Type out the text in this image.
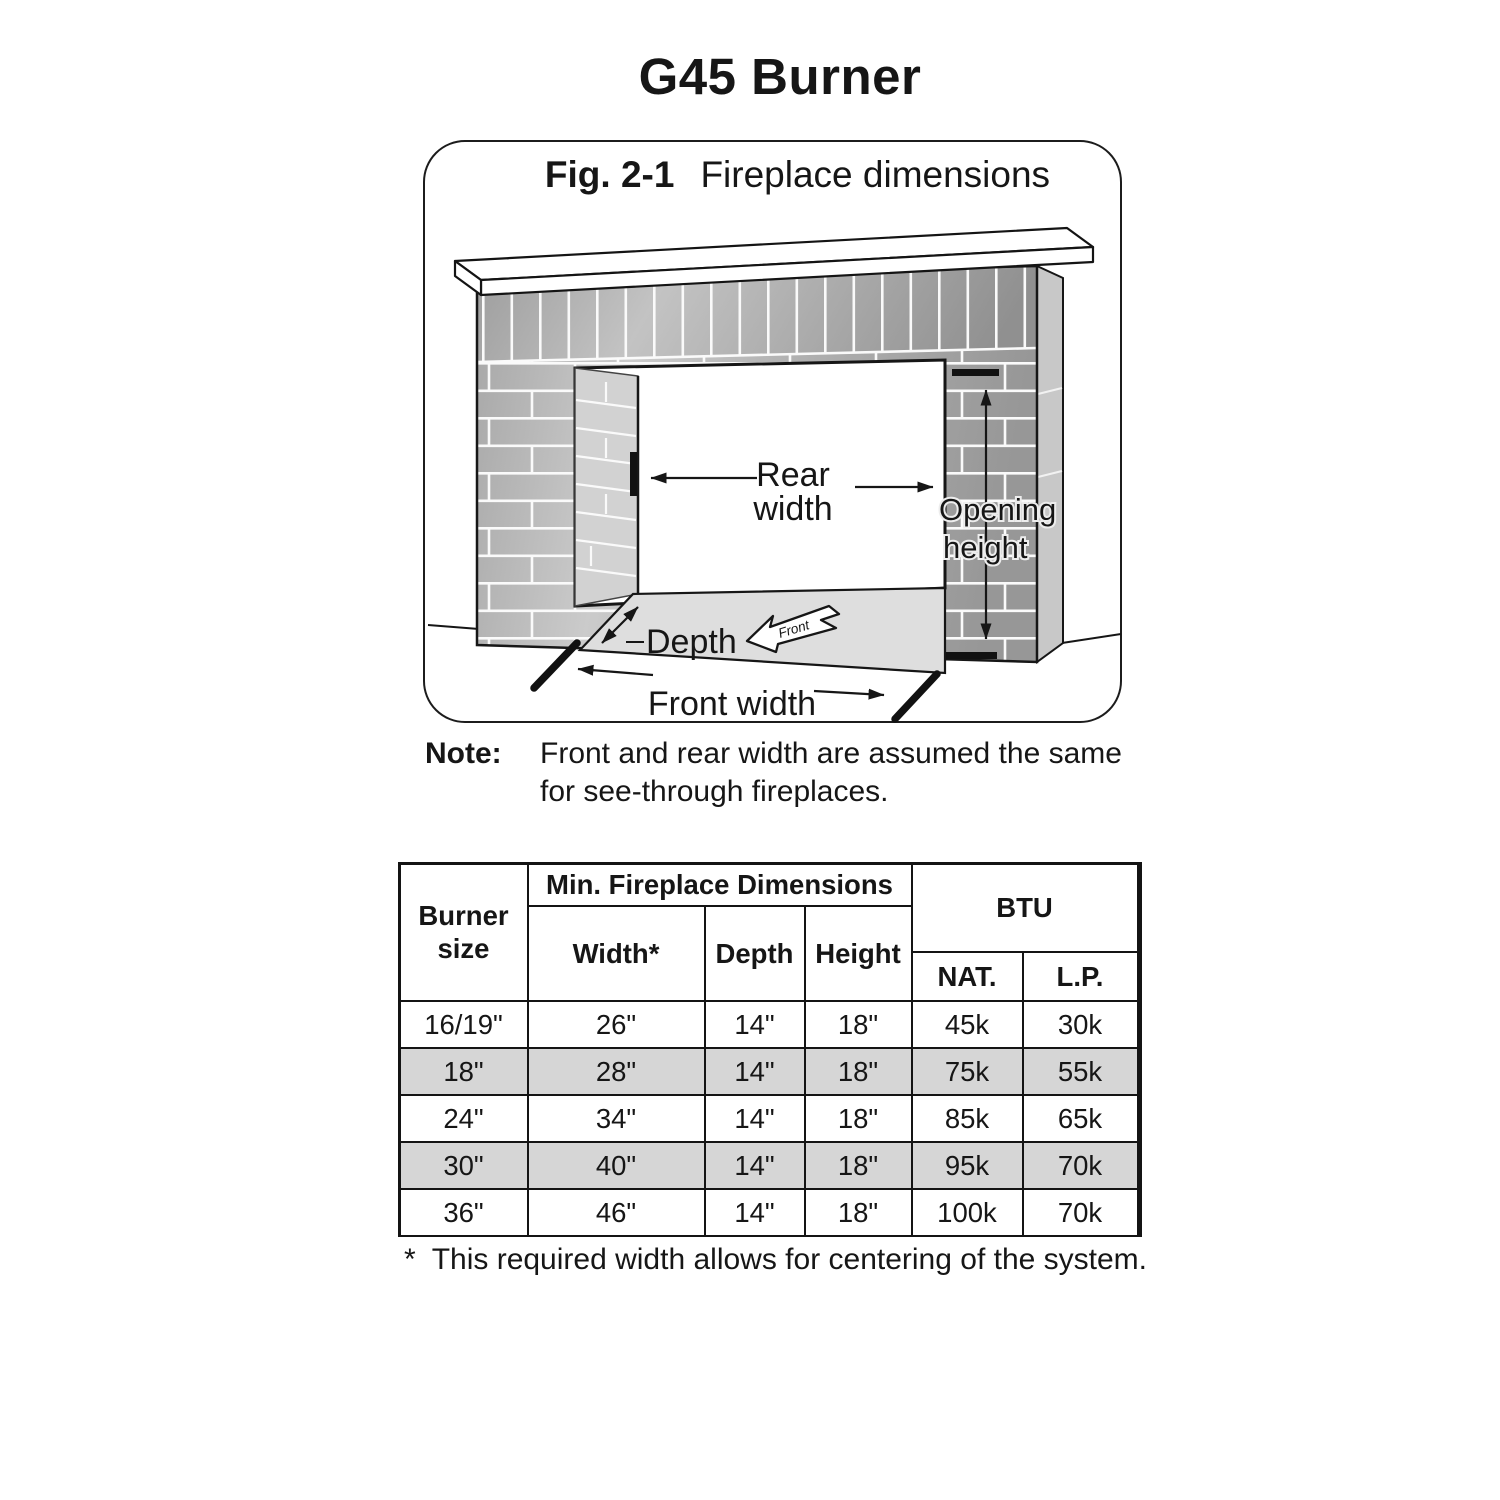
G45 Burner
Rear
width	Opening
height
Depth	Front
Front width
Fig. 2-1 Fireplace dimensions
Note:	Front and rear width are assumed the same
for see-through fireplaces.
Burner size
Min. Fireplace Dimensions
BTU
Width*	Depth Height
NAT.	L.P.
16/19"	26"	14"	18"	45k	30k
18"	28"	14"	18"	75k	55k
24"	34"	14"	18"	85k	65k
30"	40"	14"	18"	95k	70k
36"	46"	14"	18"	100k	70k
* This required width allows for centering of the system.
